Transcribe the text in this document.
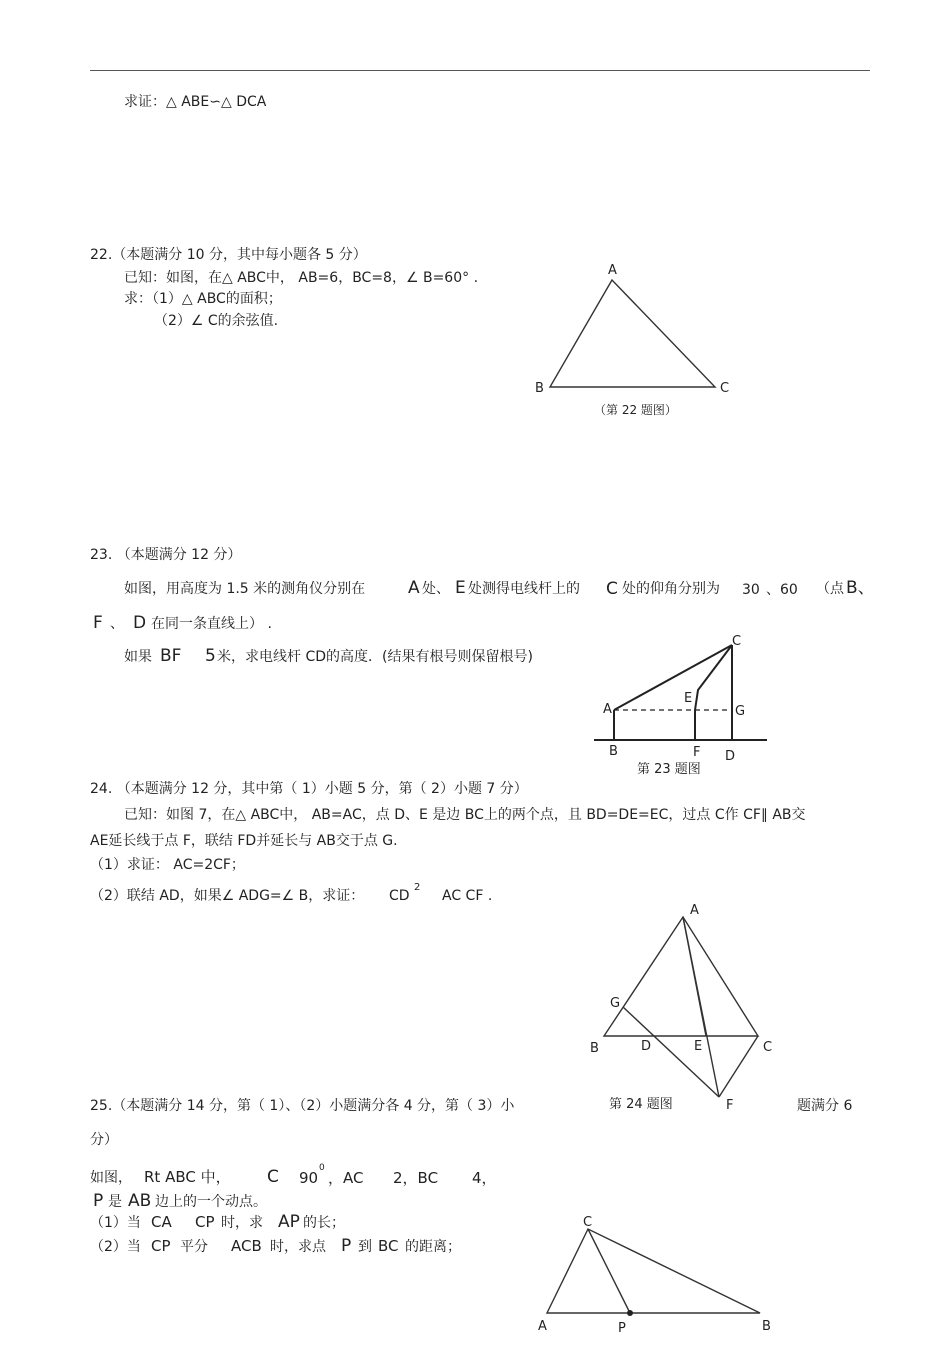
求证：△ ABE∽△ DCA
22.（本题满分 10 分，其中每小题各 5 分）
已知：如图，在△ ABC中， AB=6，BC=8，∠ B=60° .
求：（1）△ ABC的面积；
（2）∠ C的余弦值.
23. （本题满分 12 分）
如图，用高度为 1.5 米的测角仪分别在	A 处、 E 处测得电线杆上的 C 处的仰角分别为 30 、60 （点 B、
F 、 D 在同一条直线上） .
如果 BF 5 米，求电线杆 CD的高度．(结果有根号则保留根号)
24. （本题满分 12 分，其中第（ 1）小题 5 分，第（ 2）小题 7 分）
已知：如图 7，在△ ABC中， AB=AC，点 D、E 是边 BC上的两个点，且 BD=DE=EC，过点 C作 CF∥ AB交
AE延长线于点 F，联结 FD并延长与 AB交于点 G.
（1）求证： AC=2CF；
（2）联结 AD，如果∠ ADG=∠ B，求证： CD
2
AC CF .
25.（本题满分 14 分，第（ 1）、（2）小题满分各 4 分，第（ 3）小	题满分 6
分）
如图， Rt ABC 中， C 90
0
，AC 2，BC 4，
P 是 AB 边上的一个动点。
（1）当 CA CP 时，求 AP 的长；
（2）当 CP 平分 ACB 时，求点 P 到 BC 的距离；
A
B	C
（第 22 题图）
C
E
A	G
B	F D
第 23 题图
A
G
B	D	E	C
F
第 24 题图
C
A	P	B
